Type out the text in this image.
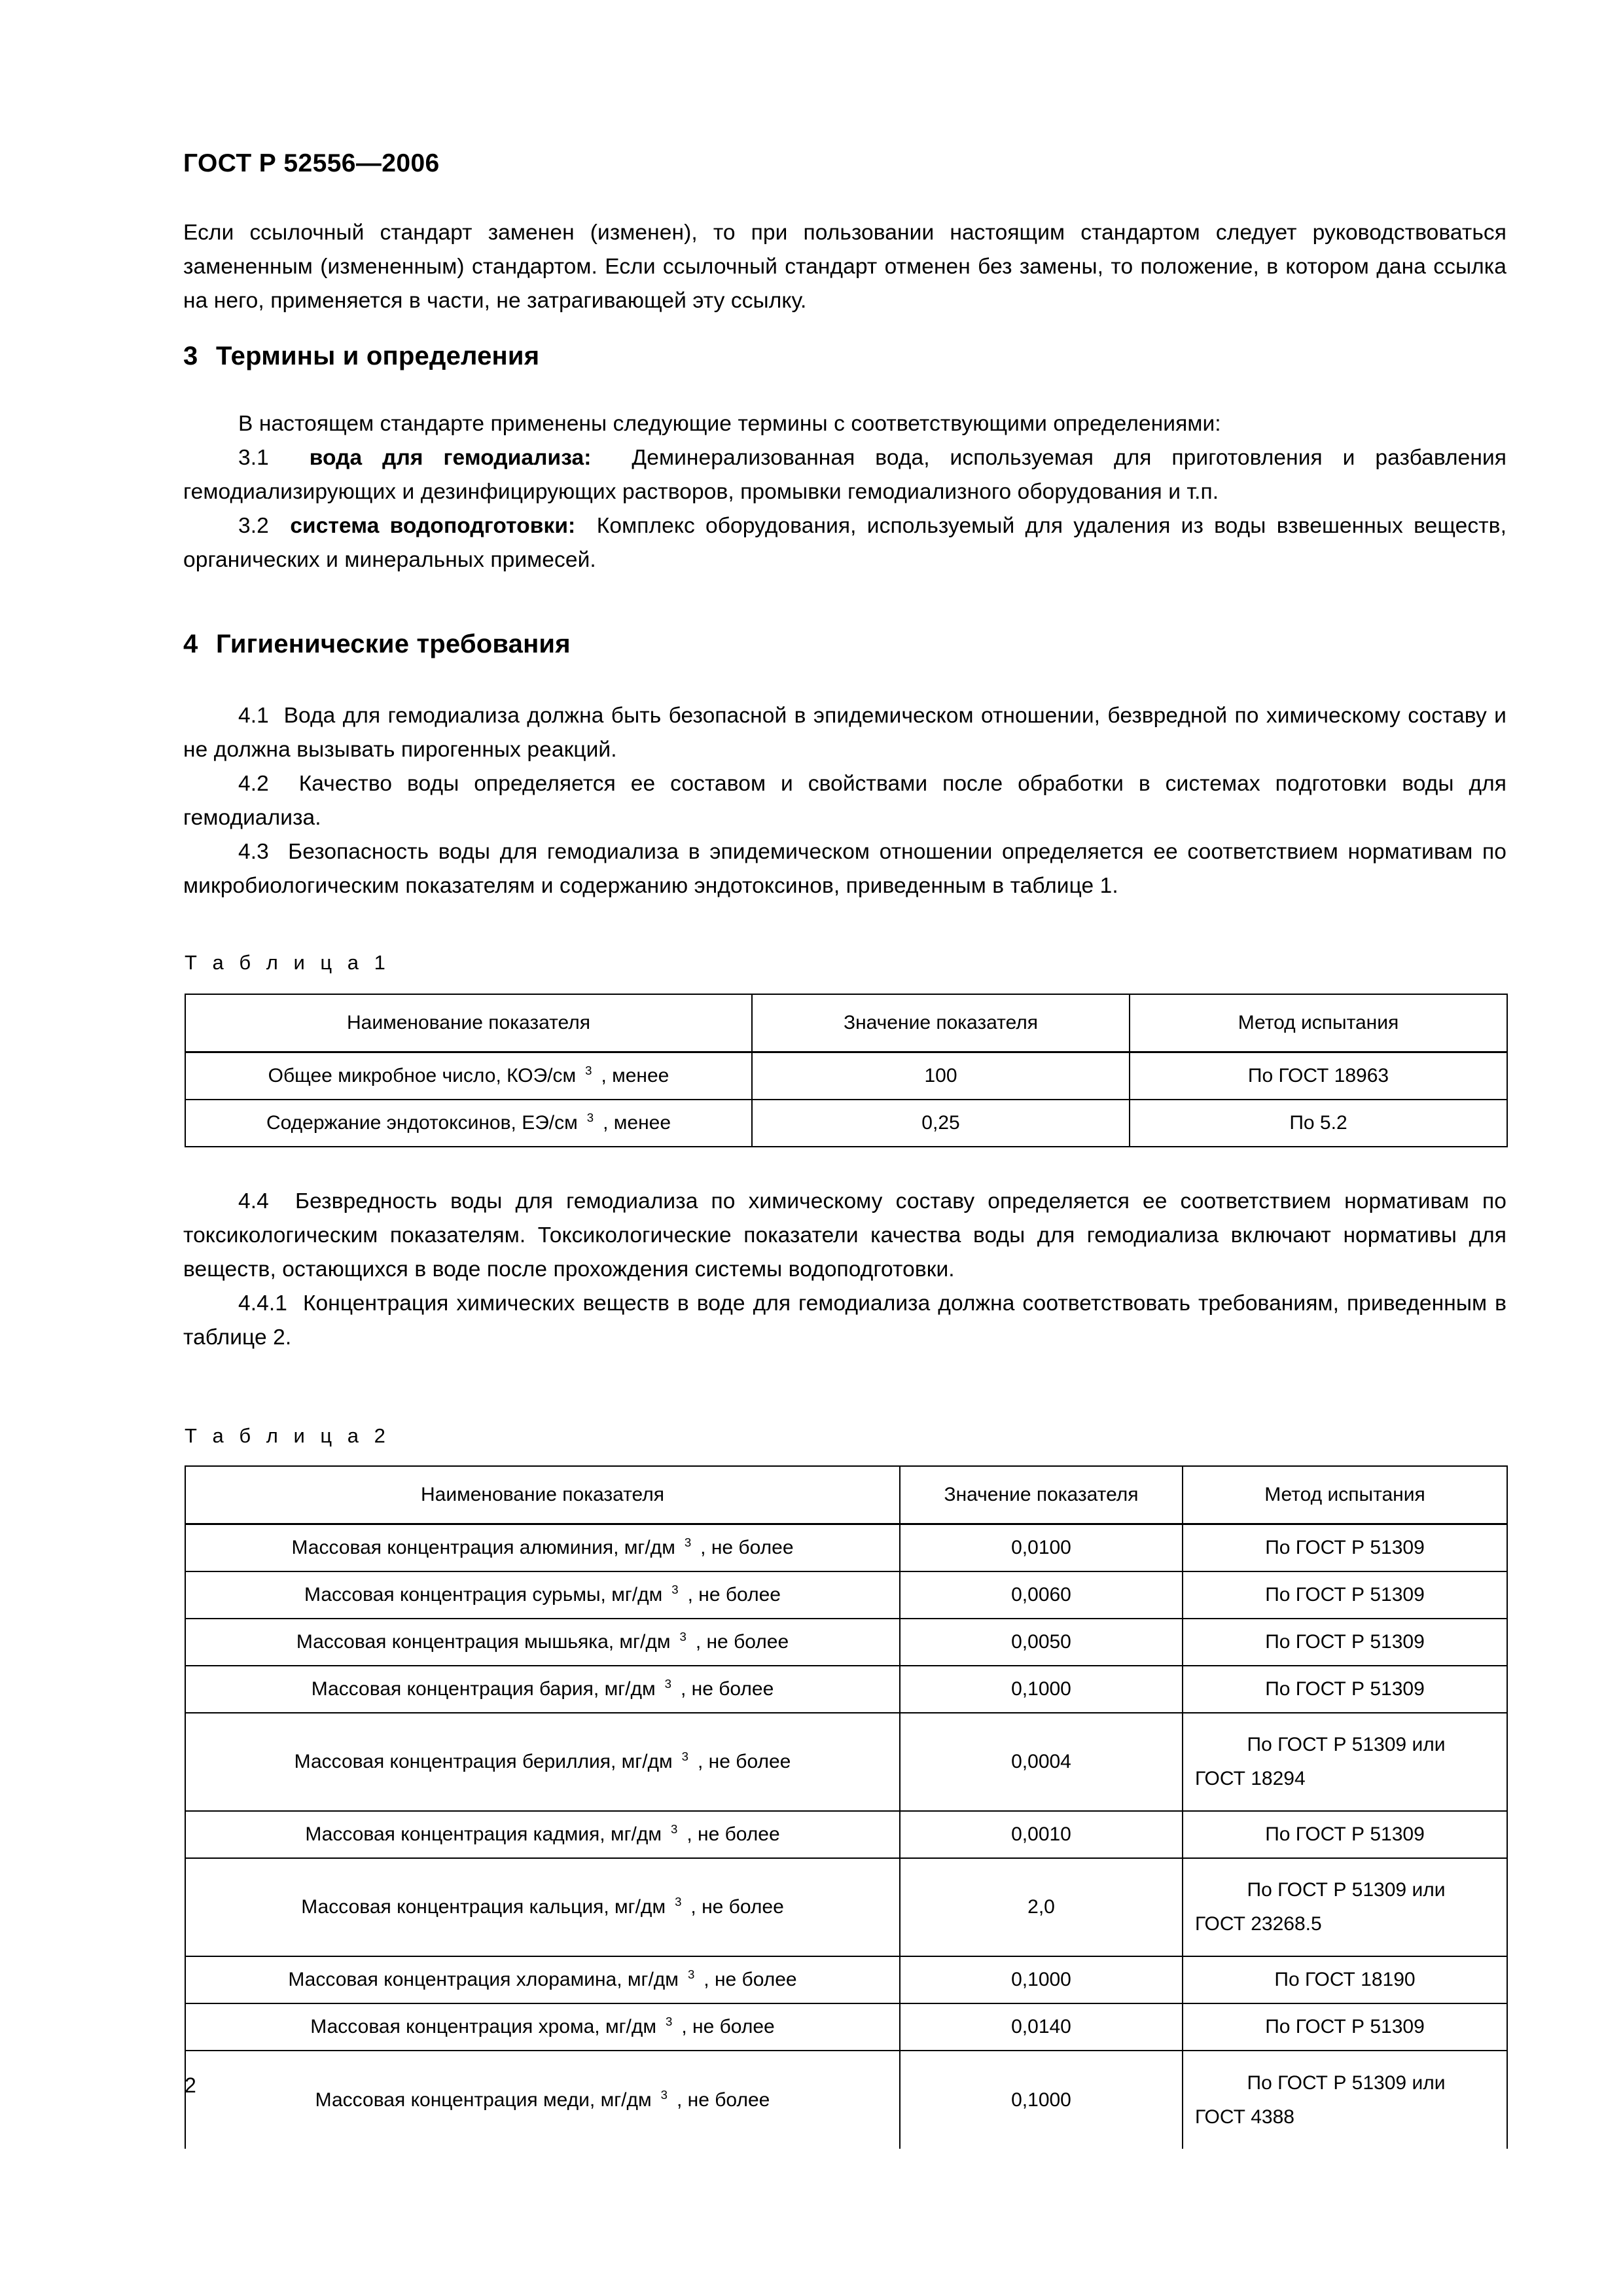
ГОСТ Р 52556—2006

Если ссылочный стандарт заменен (изменен), то при пользовании настоящим стандартом следует руководствоваться замененным (измененным) стандартом. Если ссылочный стандарт отменен без замены, то положение, в котором дана ссылка на него, применяется в части, не затрагивающей эту ссылку.

3 Термины и определения

В настоящем стандарте применены следующие термины с соответствующими определениями:

3.1 вода для гемодиализа: Деминерализованная вода, используемая для приготовления и разбавления гемодиализирующих и дезинфицирующих растворов, промывки гемодиализного оборудования и т.п.

3.2 система водоподготовки: Комплекс оборудования, используемый для удаления из воды взвешенных веществ, органических и минеральных примесей.

4 Гигиенические требования

4.1 Вода для гемодиализа должна быть безопасной в эпидемическом отношении, безвредной по химическому составу и не должна вызывать пирогенных реакций.

4.2 Качество воды определяется ее составом и свойствами после обработки в системах подготовки воды для гемодиализа.

4.3 Безопасность воды для гемодиализа в эпидемическом отношении определяется ее соответствием нормативам по микробиологическим показателям и содержанию эндотоксинов, приведенным в таблице 1.

Т а б л и ц а 1
Наименование показателя	Значение показателя	Метод испытания

Общее микробное число, КОЭ/см $^3$ , менее	100	По ГОСТ 18963
Содержание эндотоксинов, ЕЭ/см $^3$ , менее	0,25	По 5.2

4.4 Безвредность воды для гемодиализа по химическому составу определяется ее соответствием нормативам по токсикологическим показателям. Токсикологические показатели качества воды для гемодиализа включают нормативы для веществ, остающихся в воде после прохождения системы водоподготовки.

4.4.1 Концентрация химических веществ в воде для гемодиализа должна соответствовать требованиям, приведенным в таблице 2.

Т а б л и ц а 2
Наименование показателя	Значение показателя	Метод испытания

Массовая концентрация алюминия, мг/дм $^3$ , не более	0,0100	По ГОСТ Р 51309
Массовая концентрация сурьмы, мг/дм $^3$ , не более	0,0060	По ГОСТ Р 51309
Массовая концентрация мышьяка, мг/дм $^3$ , не более	0,0050	По ГОСТ Р 51309
Массовая концентрация бария, мг/дм $^3$ , не более	0,1000	По ГОСТ Р 51309
Массовая концентрация бериллия, мг/дм $^3$ , не более	0,0004	По ГОСТ Р 51309 или
ГОСТ 18294

Массовая концентрация кадмия, мг/дм $^3$ , не более	0,0010	По ГОСТ Р 51309
Массовая концентрация кальция, мг/дм $^3$ , не более	2,0	По ГОСТ Р 51309 или
ГОСТ 23268.5

Массовая концентрация хлорамина, мг/дм $^3$ , не более	0,1000	По ГОСТ 18190
Массовая концентрация хрома, мг/дм $^3$ , не более	0,0140	По ГОСТ Р 51309
Массовая концентрация меди, мг/дм $^3$ , не более	0,1000	По ГОСТ Р 51309 или
ГОСТ 4388
2
